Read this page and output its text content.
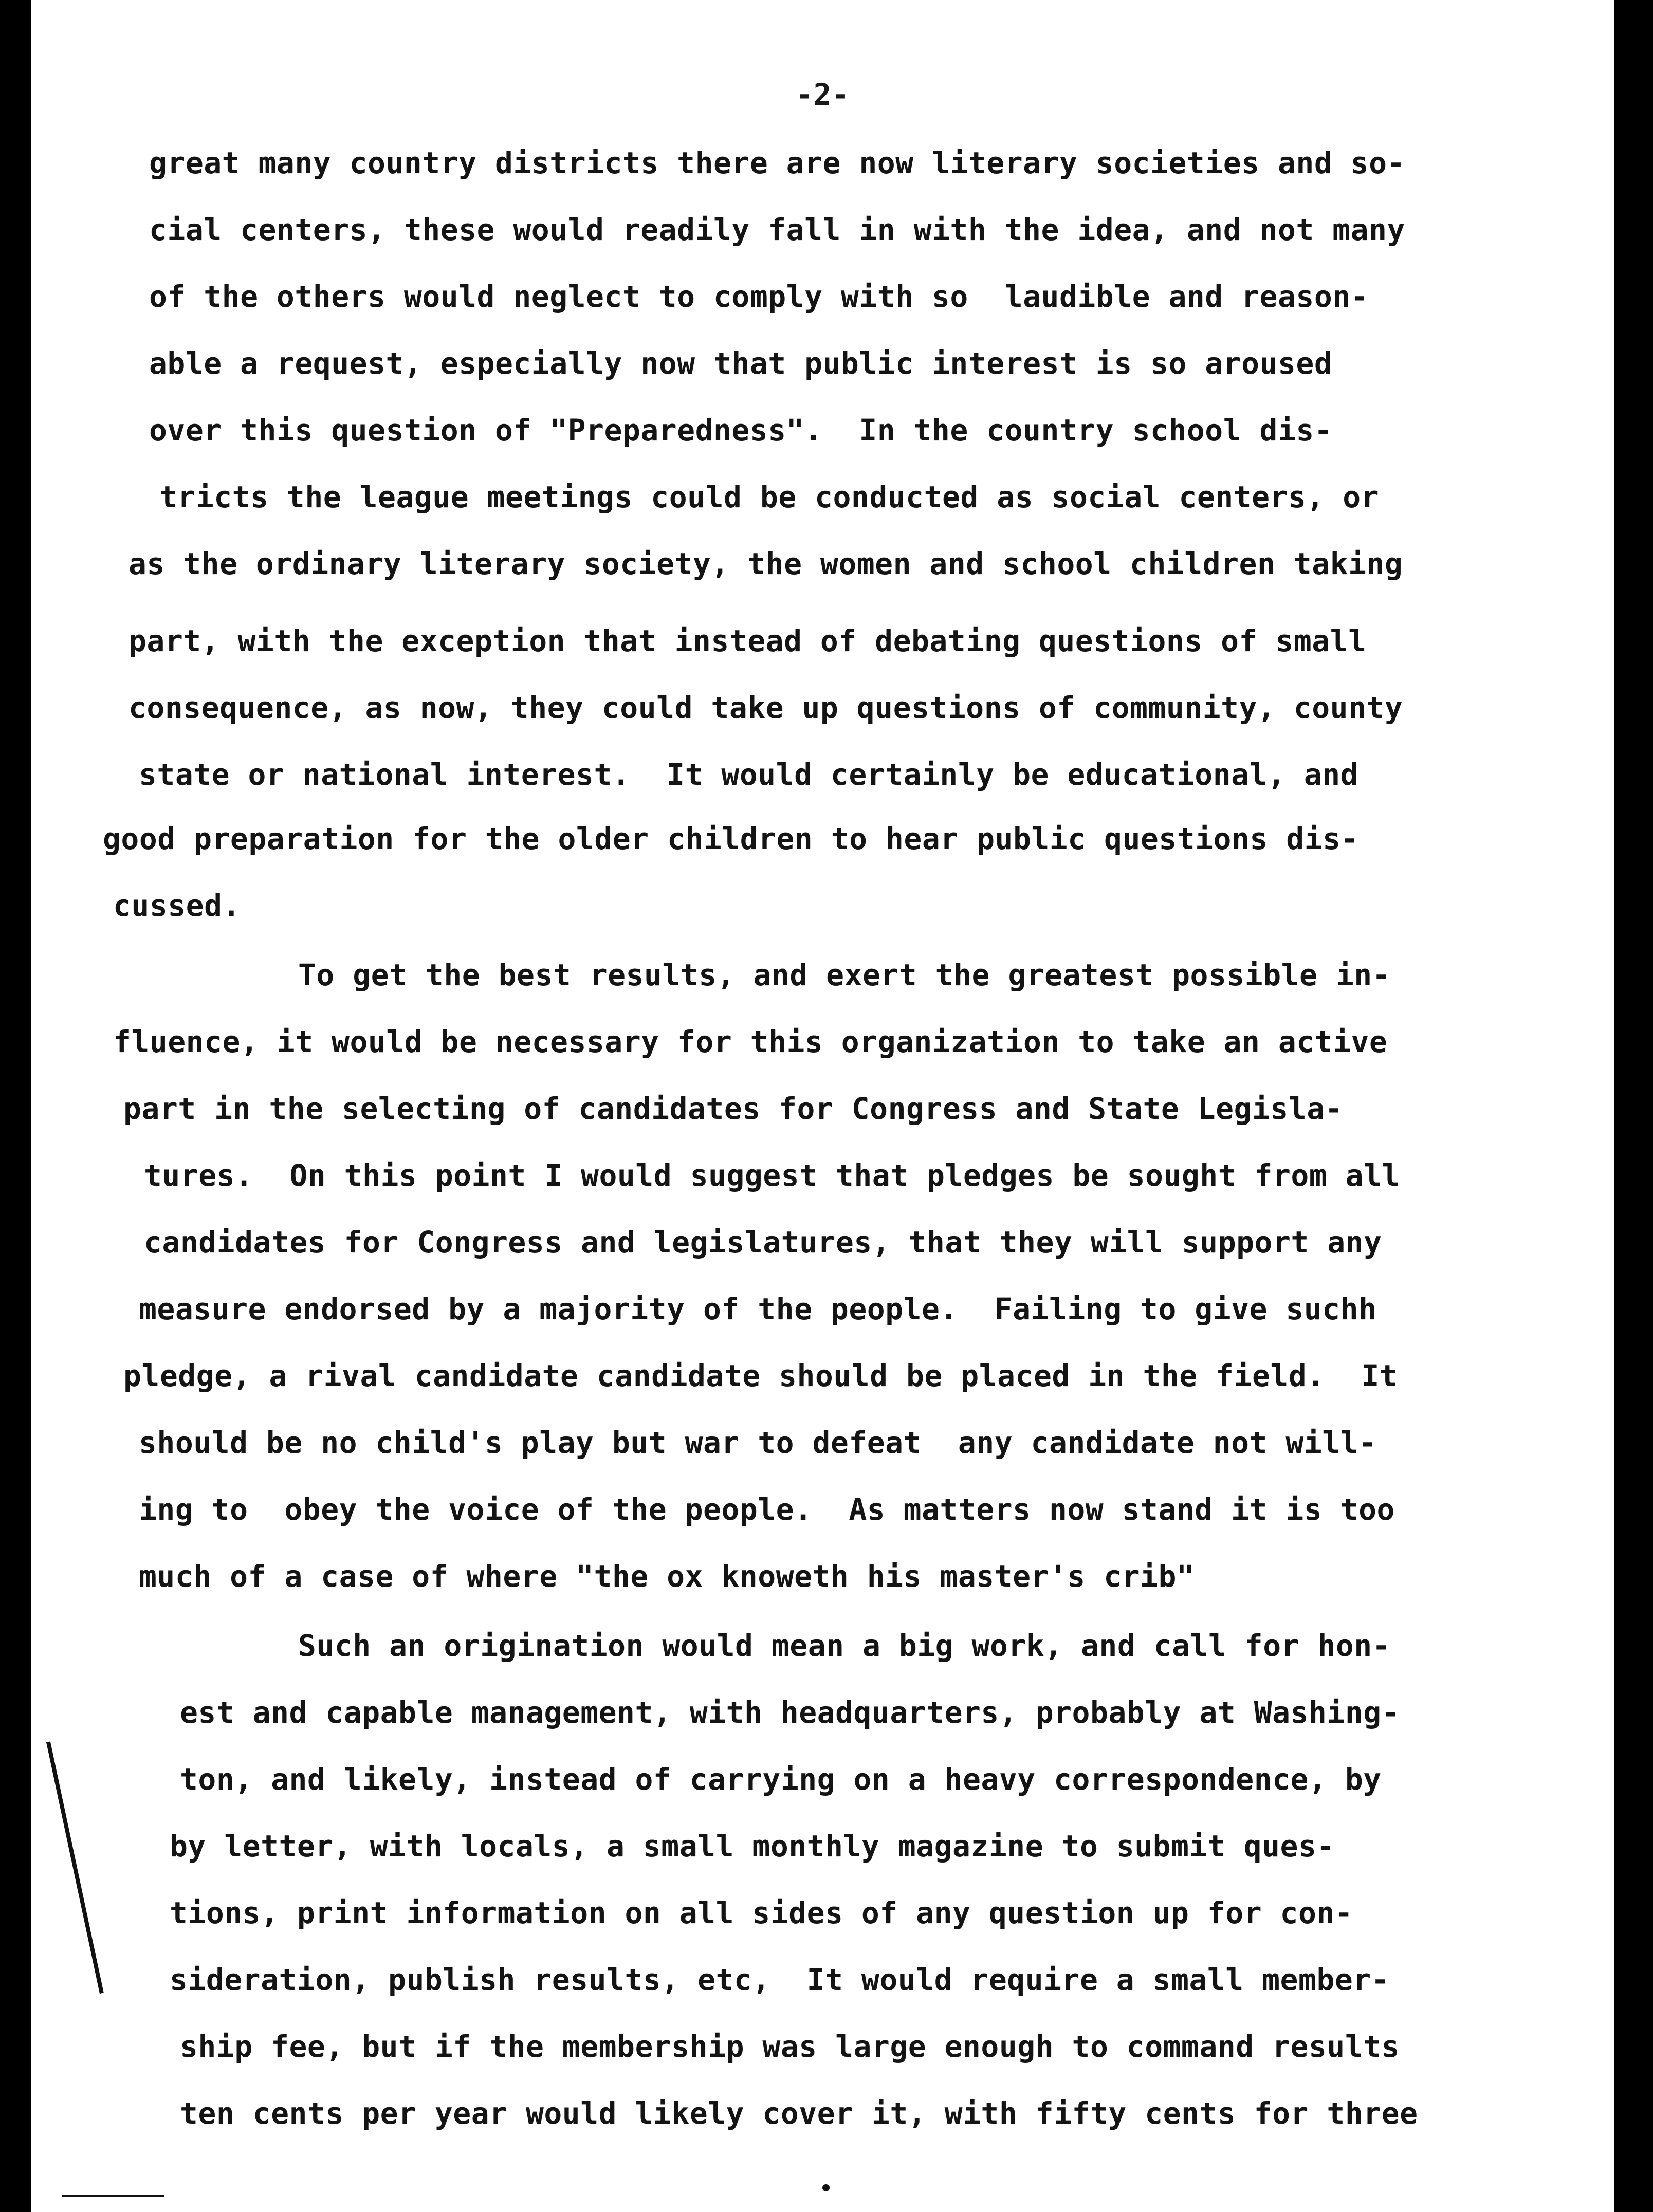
-2-
great many country districts there are now literary societies and so-
cial centers, these would readily fall in with the idea, and not many
of the others would neglect to comply with so  laudible and reason-
able a request, especially now that public interest is so aroused
over this question of "Preparedness".  In the country school dis-
tricts the league meetings could be conducted as social centers, or
as the ordinary literary society, the women and school children taking
part, with the exception that instead of debating questions of small
consequence, as now, they could take up questions of community, county
state or national interest.  It would certainly be educational, and
good preparation for the older children to hear public questions dis-
cussed.
To get the best results, and exert the greatest possible in-
fluence, it would be necessary for this organization to take an active
part in the selecting of candidates for Congress and State Legisla-
tures.  On this point I would suggest that pledges be sought from all
candidates for Congress and legislatures, that they will support any
measure endorsed by a majority of the people.  Failing to give suchh
pledge, a rival candidate candidate should be placed in the field.  It
should be no child's play but war to defeat  any candidate not will-
ing to  obey the voice of the people.  As matters now stand it is too
much of a case of where "the ox knoweth his master's crib"
Such an origination would mean a big work, and call for hon-
est and capable management, with headquarters, probably at Washing-
ton, and likely, instead of carrying on a heavy correspondence, by
by letter, with locals, a small monthly magazine to submit ques-
tions, print information on all sides of any question up for con-
sideration, publish results, etc,  It would require a small member-
ship fee, but if the membership was large enough to command results
ten cents per year would likely cover it, with fifty cents for three
